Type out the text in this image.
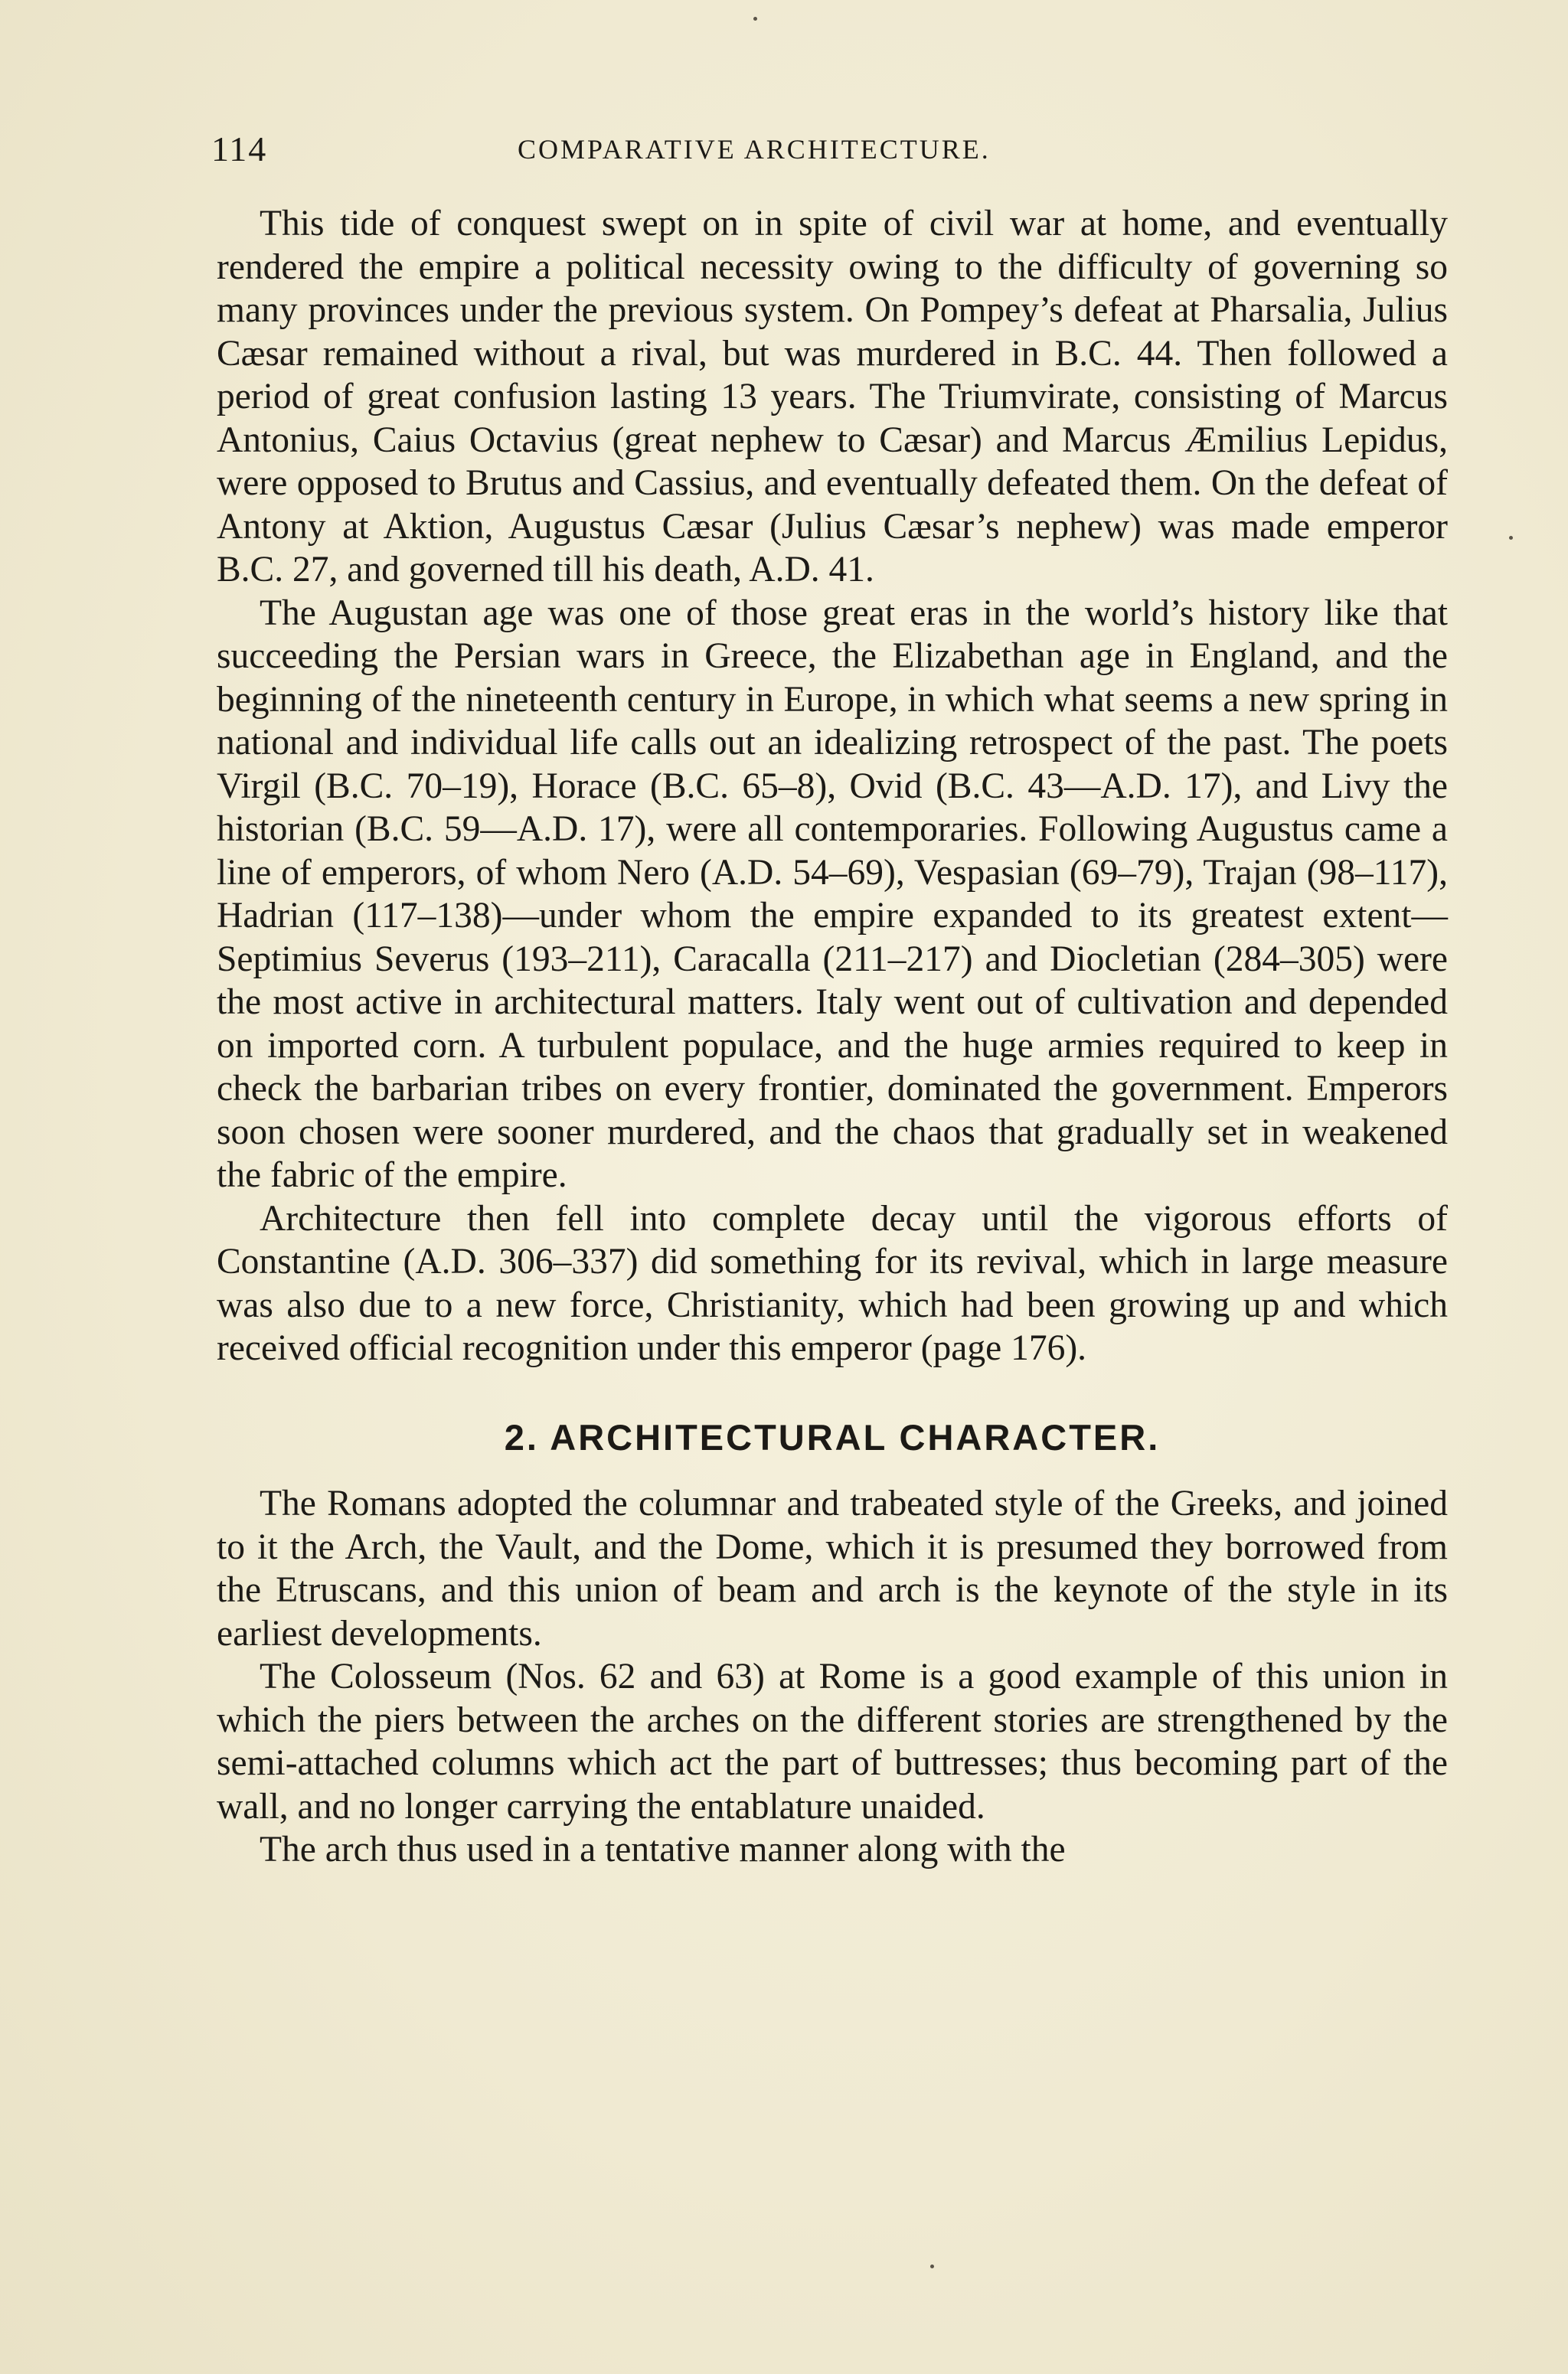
114	COMPARATIVE ARCHITECTURE.

This tide of conquest swept on in spite of civil war at home, and eventually rendered the empire a political necessity owing to the difficulty of governing so many provinces under the previous system. On Pompey’s defeat at Pharsalia, Julius Cæsar remained without a rival, but was murdered in B.C. 44. Then followed a period of great confusion lasting 13 years. The Triumvirate, consisting of Marcus Antonius, Caius Octavius (great nephew to Cæsar) and Marcus Æmilius Lepidus, were opposed to Brutus and Cassius, and eventually defeated them. On the defeat of Antony at Aktion, Augustus Cæsar (Julius Cæsar’s nephew) was made emperor B.C. 27, and governed till his death, A.D. 41.

The Augustan age was one of those great eras in the world’s history like that succeeding the Persian wars in Greece, the Elizabethan age in England, and the beginning of the nineteenth century in Europe, in which what seems a new spring in national and individual life calls out an idealizing retrospect of the past. The poets Virgil (B.C. 70–19), Horace (B.C. 65–8), Ovid (B.C. 43—A.D. 17), and Livy the historian (B.C. 59—A.D. 17), were all contemporaries. Following Augustus came a line of emperors, of whom Nero (A.D. 54–69), Vespasian (69–79), Trajan (98–117), Hadrian (117–138)—under whom the empire expanded to its greatest extent—Septimius Severus (193–211), Caracalla (211–217) and Diocletian (284–305) were the most active in architectural matters. Italy went out of cultivation and depended on imported corn. A turbulent populace, and the huge armies required to keep in check the barbarian tribes on every frontier, dominated the government. Emperors soon chosen were sooner murdered, and the chaos that gradually set in weakened the fabric of the empire.

Architecture then fell into complete decay until the vigorous efforts of Constantine (A.D. 306–337) did something for its revival, which in large measure was also due to a new force, Christianity, which had been growing up and which received official recognition under this emperor (page 176).

2. ARCHITECTURAL CHARACTER.

The Romans adopted the columnar and trabeated style of the Greeks, and joined to it the Arch, the Vault, and the Dome, which it is presumed they borrowed from the Etruscans, and this union of beam and arch is the keynote of the style in its earliest developments.

The Colosseum (Nos. 62 and 63) at Rome is a good example of this union in which the piers between the arches on the different stories are strengthened by the semi-attached columns which act the part of buttresses; thus becoming part of the wall, and no longer carrying the entablature unaided.

The arch thus used in a tentative manner along with the
